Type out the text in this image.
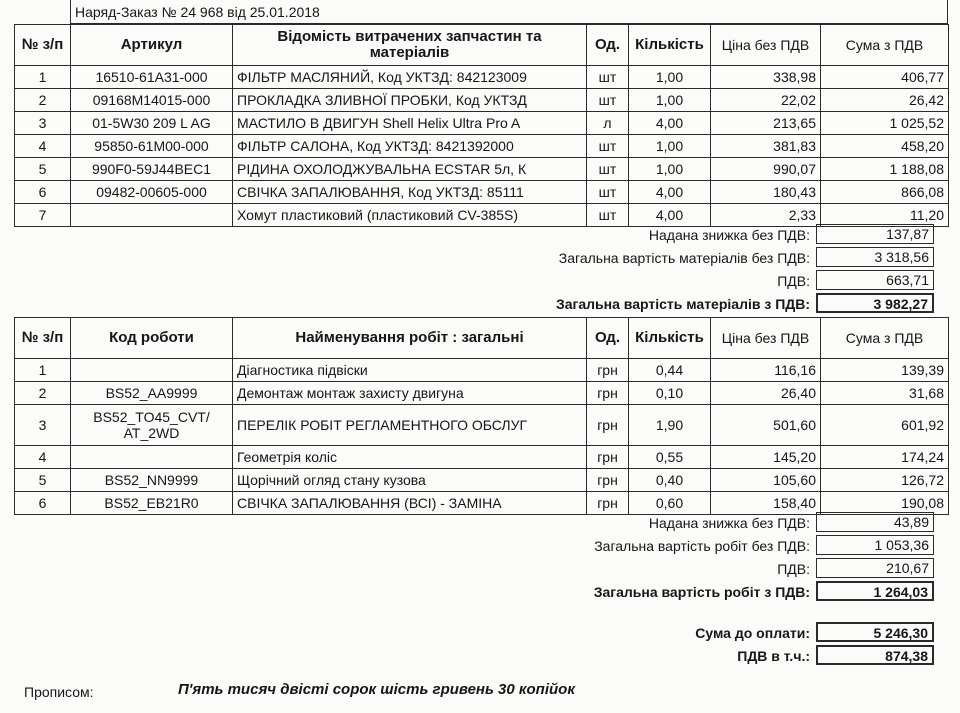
Наряд-Заказ № 24 968 від 25.01.2018
№ з/п	Артикул	Відомість витрачених запчастин та матеріалів	Од.	Кількість	Ціна без ПДВ	Сума з ПДВ
1	16510-61A31-000	ФІЛЬТР МАСЛЯНИЙ, Код УКТЗД: 842123009	шт	1,00	338,98	406,77
2	09168M14015-000	ПРОКЛАДКА ЗЛИВНОЇ ПРОБКИ, Код УКТЗД	шт	1,00	22,02	26,42
3	01-5W30 209 L AG	МАСТИЛО В ДВИГУН Shell Helix Ultra Pro A	л	4,00	213,65	1 025,52
4	95850-61M00-000	ФІЛЬТР САЛОНА, Код УКТЗД: 8421392000	шт	1,00	381,83	458,20
5	990F0-59J44BEC1	РІДИНА ОХОЛОДЖУВАЛЬНА ECSTAR 5л, К	шт	1,00	990,07	1 188,08
6	09482-00605-000	СВІЧКА ЗАПАЛЮВАННЯ, Код УКТЗД: 85111	шт	4,00	180,43	866,08
7		Хомут пластиковий (пластиковий CV-385S)	шт	4,00	2,33	11,20
Надана знижка без ПДВ:	137,87
Загальна вартість матеріалів без ПДВ:	3 318,56
ПДВ:	663,71
Загальна вартість матеріалів з ПДВ:	3 982,27
№ з/п	Код роботи	Найменування робіт : загальні	Од.	Кількість	Ціна без ПДВ	Сума з ПДВ
1		Діагностика підвіски	грн	0,44	116,16	139,39
2	BS52_AA9999	Демонтаж монтаж захисту двигуна	грн	0,10	26,40	31,68
3	BS52_TO45_CVT/ AT_2WD	ПЕРЕЛІК РОБІТ РЕГЛАМЕНТНОГО ОБСЛУГ	грн	1,90	501,60	601,92
4		Геометрія коліс	грн	0,55	145,20	174,24
5	BS52_NN9999	Щорічний огляд стану кузова	грн	0,40	105,60	126,72
6	BS52_EB21R0	СВІЧКА ЗАПАЛЮВАННЯ (ВСІ) - ЗАМІНА	грн	0,60	158,40	190,08
Надана знижка без ПДВ:	43,89
Загальна вартість робіт без ПДВ:	1 053,36
ПДВ:	210,67
Загальна вартість робіт з ПДВ:	1 264,03
Сума до оплати:	5 246,30
ПДВ в т.ч.:	874,38
Прописом:	П'ять тисяч двісті сорок шість гривень 30 копійок
